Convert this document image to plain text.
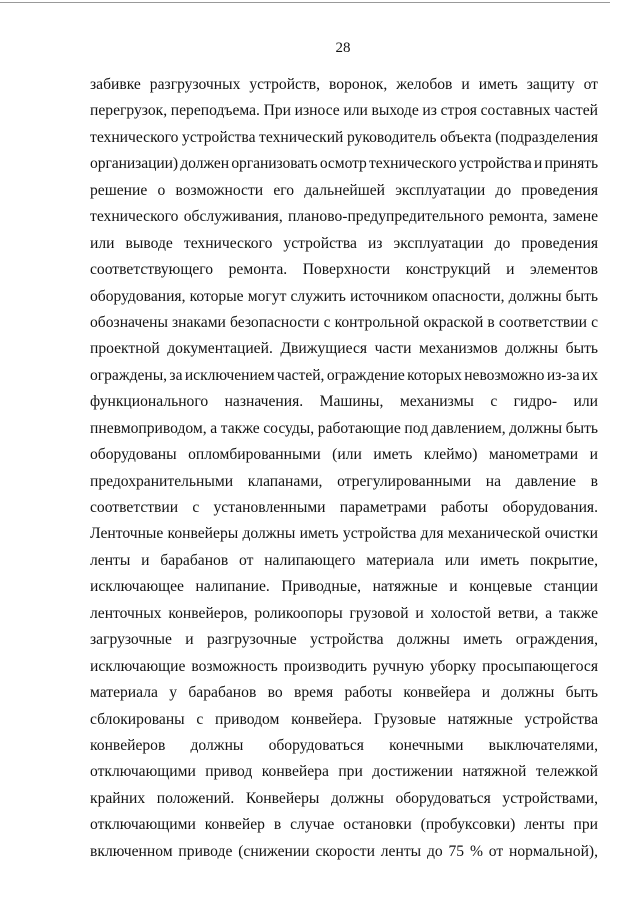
28
забивке разгрузочных устройств, воронок, желобов и иметь защиту от
перегрузок, переподъема. При износе или выходе из строя составных частей
технического устройства технический руководитель объекта (подразделения
организации) должен организовать осмотр технического устройства и принять
решение о возможности его дальнейшей эксплуатации до проведения
технического обслуживания, планово-предупредительного ремонта, замене
или выводе технического устройства из эксплуатации до проведения
соответствующего ремонта. Поверхности конструкций и элементов
оборудования, которые могут служить источником опасности, должны быть
обозначены знаками безопасности с контрольной окраской в соответствии с
проектной документацией. Движущиеся части механизмов должны быть
ограждены, за исключением частей, ограждение которых невозможно из-за их
функционального назначения. Машины, механизмы с гидро- или
пневмоприводом, а также сосуды, работающие под давлением, должны быть
оборудованы опломбированными (или иметь клеймо) манометрами и
предохранительными клапанами, отрегулированными на давление в
соответствии с установленными параметрами работы оборудования.
Ленточные конвейеры должны иметь устройства для механической очистки
ленты и барабанов от налипающего материала или иметь покрытие,
исключающее налипание. Приводные, натяжные и концевые станции
ленточных конвейеров, роликоопоры грузовой и холостой ветви, а также
загрузочные и разгрузочные устройства должны иметь ограждения,
исключающие возможность производить ручную уборку просыпающегося
материала у барабанов во время работы конвейера и должны быть
сблокированы с приводом конвейера. Грузовые натяжные устройства
конвейеров должны оборудоваться конечными выключателями,
отключающими привод конвейера при достижении натяжной тележкой
крайних положений. Конвейеры должны оборудоваться устройствами,
отключающими конвейер в случае остановки (пробуксовки) ленты при
включенном приводе (снижении скорости ленты до 75 % от нормальной),
